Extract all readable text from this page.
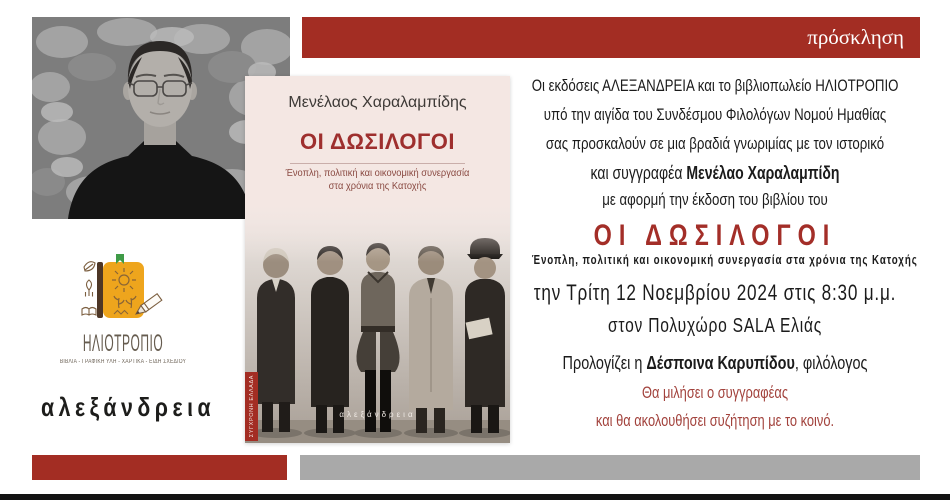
ΗΛΙΟΤΡΟΠΙΟ
ΒΙΒΛΙΑ - ΓΡΑΦΙΚΗ ΥΛΗ - ΧΑΡΤΙΚΑ - ΕΙΔΗ ΣΧΕΔΙΟΥ
αλεξάνδρεια
Μενέλαος Χαραλαμπίδης
ΟΙ ΔΩΣΙΛΟΓΟΙ
Ένοπλη, πολιτική και οικονομική συνεργασία στα χρόνια της Κατοχής
ΣΥΓΧΡΟΝΗ ΕΛΛΑΔΑ	αλεξάνδρεια
πρόσκληση

Οι εκδόσεις ΑΛΕΞΑΝΔΡΕΙΑ και το βιβλιοπωλείο ΗΛΙΟΤΡΟΠΙΟ

υπό την αιγίδα του Συνδέσμου Φιλολόγων Νομού Ημαθίας

σας προσκαλούν σε μια βραδιά γνωριμίας με τον ιστορικό

και συγγραφέα Μενέλαο Χαραλαμπίδη

με αφορμή την έκδοση του βιβλίου του

ΟΙ ΔΩΣΙΛΟΓΟΙ

Ένοπλη, πολιτική και οικονομική συνεργασία στα χρόνια της Κατοχής

την Τρίτη 12 Νοεμβρίου 2024 στις 8:30 μ.μ.

στον Πολυχώρο SALA Ελιάς

Προλογίζει η Δέσποινα Καρυπίδου, φιλόλογος

Θα μιλήσει ο συγγραφέας

και θα ακολουθήσει συζήτηση με το κοινό.
